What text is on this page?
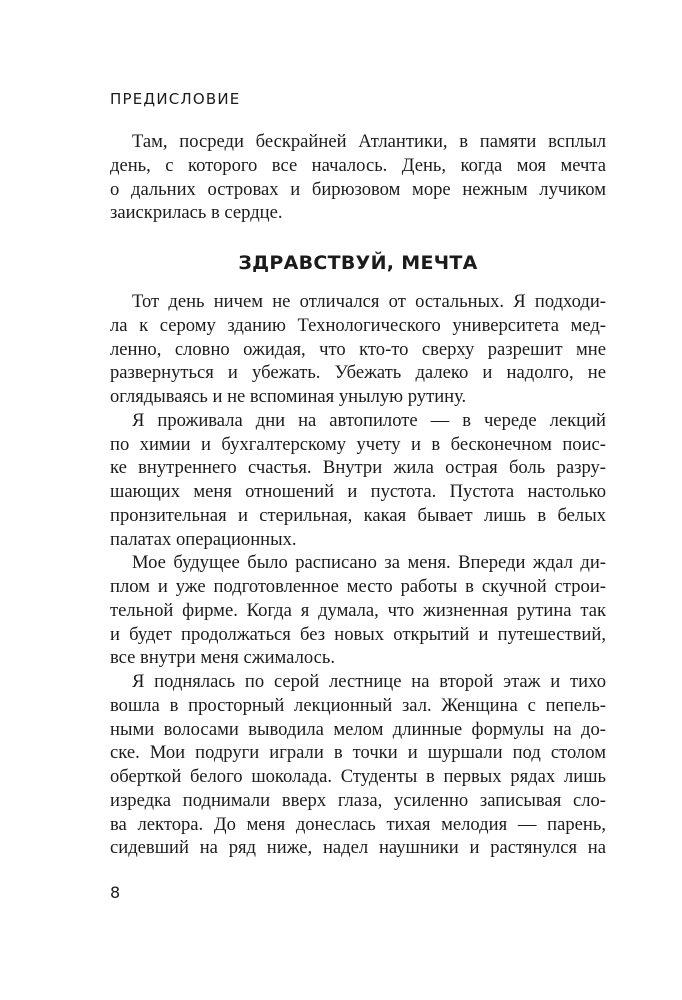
ПРЕДИСЛОВИЕ
Там, посреди бескрайней Атлантики, в памяти всплыл
день, с которого все началось. День, когда моя мечта
о дальних островах и бирюзовом море нежным лучиком
заискрилась в сердце.
ЗДРАВСТВУЙ, МЕЧТА
Тот день ничем не отличался от остальных. Я подходи-
ла к серому зданию Технологического университета мед-
ленно, словно ожидая, что кто-то сверху разрешит мне
развернуться и убежать. Убежать далеко и надолго, не
оглядываясь и не вспоминая унылую рутину.
Я проживала дни на автопилоте — в череде лекций
по химии и бухгалтерскому учету и в бесконечном поис-
ке внутреннего счастья. Внутри жила острая боль разру-
шающих меня отношений и пустота. Пустота настолько
пронзительная и стерильная, какая бывает лишь в белых
палатах операционных.
Мое будущее было расписано за меня. Впереди ждал ди-
плом и уже подготовленное место работы в скучной строи-
тельной фирме. Когда я думала, что жизненная рутина так
и будет продолжаться без новых открытий и путешествий,
все внутри меня сжималось.
Я поднялась по серой лестнице на второй этаж и тихо
вошла в просторный лекционный зал. Женщина с пепель-
ными волосами выводила мелом длинные формулы на до-
ске. Мои подруги играли в точки и шуршали под столом
оберткой белого шоколада. Студенты в первых рядах лишь
изредка поднимали вверх глаза, усиленно записывая сло-
ва лектора. До меня донеслась тихая мелодия — парень,
сидевший на ряд ниже, надел наушники и растянулся на
8
